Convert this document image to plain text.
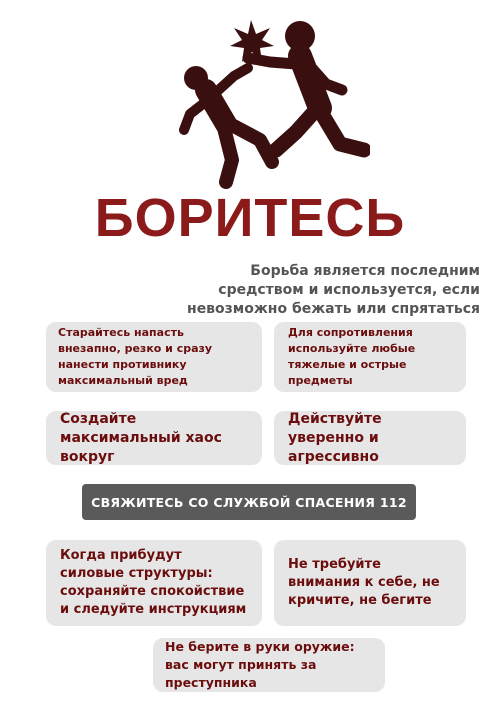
БОРИТЕСЬ
Борьба является последним средством и используется, если невозможно бежать или спрятаться
Старайтесь напасть внезапно, резко и сразу нанести противнику максимальный вред
Для сопротивления используйте любые тяжелые и острые предметы
Создайте максимальный хаос вокруг
Действуйте уверенно и агрессивно
СВЯЖИТЕСЬ СО СЛУЖБОЙ СПАСЕНИЯ 112
Когда прибудут силовые структуры: сохраняйте спокойствие и следуйте инструкциям
Не требуйте внимания к себе, не кричите, не бегите
Не берите в руки оружие: вас могут принять за преступника
